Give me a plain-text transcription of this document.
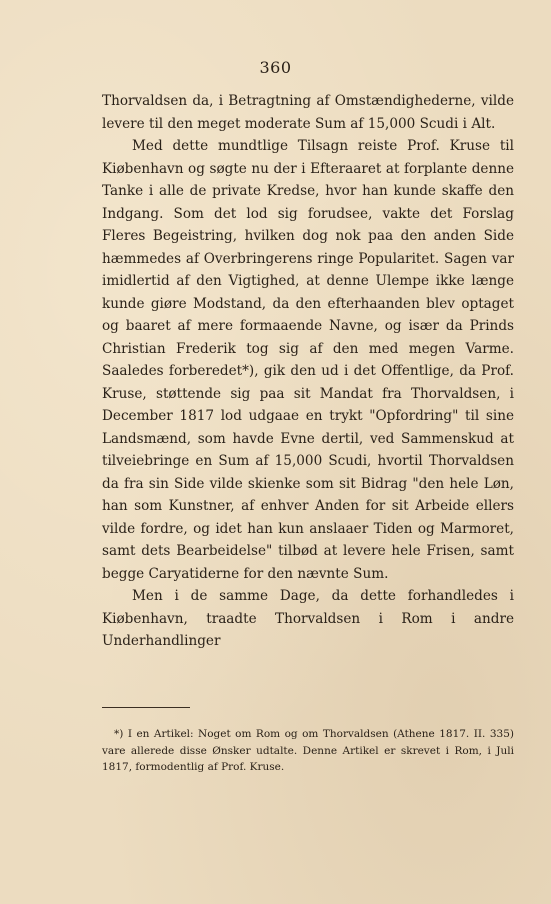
360

Thorvaldsen da, i Betragtning af Omstændighederne, vilde levere til den meget moderate Sum af 15,000 Scudi i Alt.

Med dette mundtlige Tilsagn reiste Prof. Kruse til Kiøbenhavn og søgte nu der i Efteraaret at forplante denne Tanke i alle de private Kredse, hvor han kunde skaffe den Indgang. Som det lod sig forudsee, vakte det Forslag Fleres Begeistring, hvilken dog nok paa den anden Side hæmmedes af Overbringerens ringe Popularitet. Sagen var imidlertid af den Vigtighed, at denne Ulempe ikke længe kunde giøre Modstand, da den efterhaanden blev optaget og baaret af mere formaaende Navne, og især da Prinds Christian Frederik tog sig af den med megen Varme. Saaledes forberedet*), gik den ud i det Offentlige, da Prof. Kruse, støttende sig paa sit Mandat fra Thorvaldsen, i December 1817 lod udgaae en trykt "Opfordring" til sine Landsmænd, som havde Evne dertil, ved Sammenskud at tilveiebringe en Sum af 15,000 Scudi, hvortil Thorvaldsen da fra sin Side vilde skienke som sit Bidrag "den hele Løn, han som Kunstner, af enhver Anden for sit Arbeide ellers vilde fordre, og idet han kun anslaaer Tiden og Marmoret, samt dets Bearbeidelse" tilbød at levere hele Frisen, samt begge Caryatiderne for den nævnte Sum.

Men i de samme Dage, da dette forhandledes i Kiøbenhavn, traadte Thorvaldsen i Rom i andre Underhandlinger

*) I en Artikel: Noget om Rom og om Thorvaldsen (Athene 1817. II. 335) vare allerede disse Ønsker udtalte. Denne Artikel er skrevet i Rom, i Juli 1817, formodentlig af Prof. Kruse.
